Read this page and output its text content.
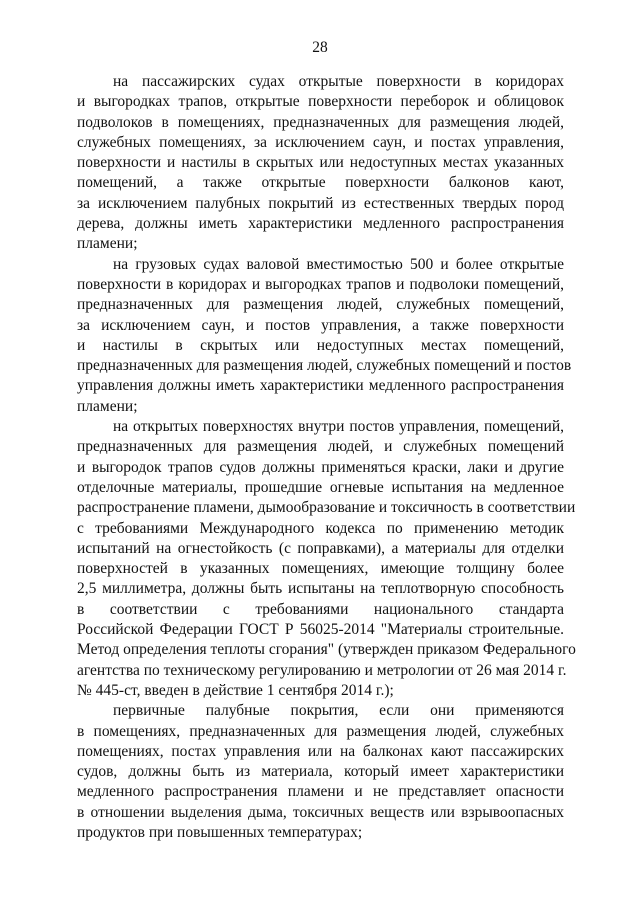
28
на пассажирских судах открытые поверхности в коридорах
и выгородках трапов, открытые поверхности переборок и облицовок
подволоков в помещениях, предназначенных для размещения людей,
служебных помещениях, за исключением саун, и постах управления,
поверхности и настилы в скрытых или недоступных местах указанных
помещений, а также открытые поверхности балконов кают,
за исключением палубных покрытий из естественных твердых пород
дерева, должны иметь характеристики медленного распространения
пламени;
на грузовых судах валовой вместимостью 500 и более открытые
поверхности в коридорах и выгородках трапов и подволоки помещений,
предназначенных для размещения людей, служебных помещений,
за исключением саун, и постов управления, а также поверхности
и настилы в скрытых или недоступных местах помещений,
предназначенных для размещения людей, служебных помещений и постов
управления должны иметь характеристики медленного распространения
пламени;
на открытых поверхностях внутри постов управления, помещений,
предназначенных для размещения людей, и служебных помещений
и выгородок трапов судов должны применяться краски, лаки и другие
отделочные материалы, прошедшие огневые испытания на медленное
распространение пламени, дымообразование и токсичность в соответствии
с требованиями Международного кодекса по применению методик
испытаний на огнестойкость (с поправками), а материалы для отделки
поверхностей в указанных помещениях, имеющие толщину более
2,5 миллиметра, должны быть испытаны на теплотворную способность
в соответствии с требованиями национального стандарта
Российской Федерации ГОСТ Р 56025-2014 "Материалы строительные.
Метод определения теплоты сгорания" (утвержден приказом Федерального
агентства по техническому регулированию и метрологии от 26 мая 2014 г.
№ 445-ст, введен в действие 1 сентября 2014 г.);
первичные палубные покрытия, если они применяются
в помещениях, предназначенных для размещения людей, служебных
помещениях, постах управления или на балконах кают пассажирских
судов, должны быть из материала, который имеет характеристики
медленного распространения пламени и не представляет опасности
в отношении выделения дыма, токсичных веществ или взрывоопасных
продуктов при повышенных температурах;
